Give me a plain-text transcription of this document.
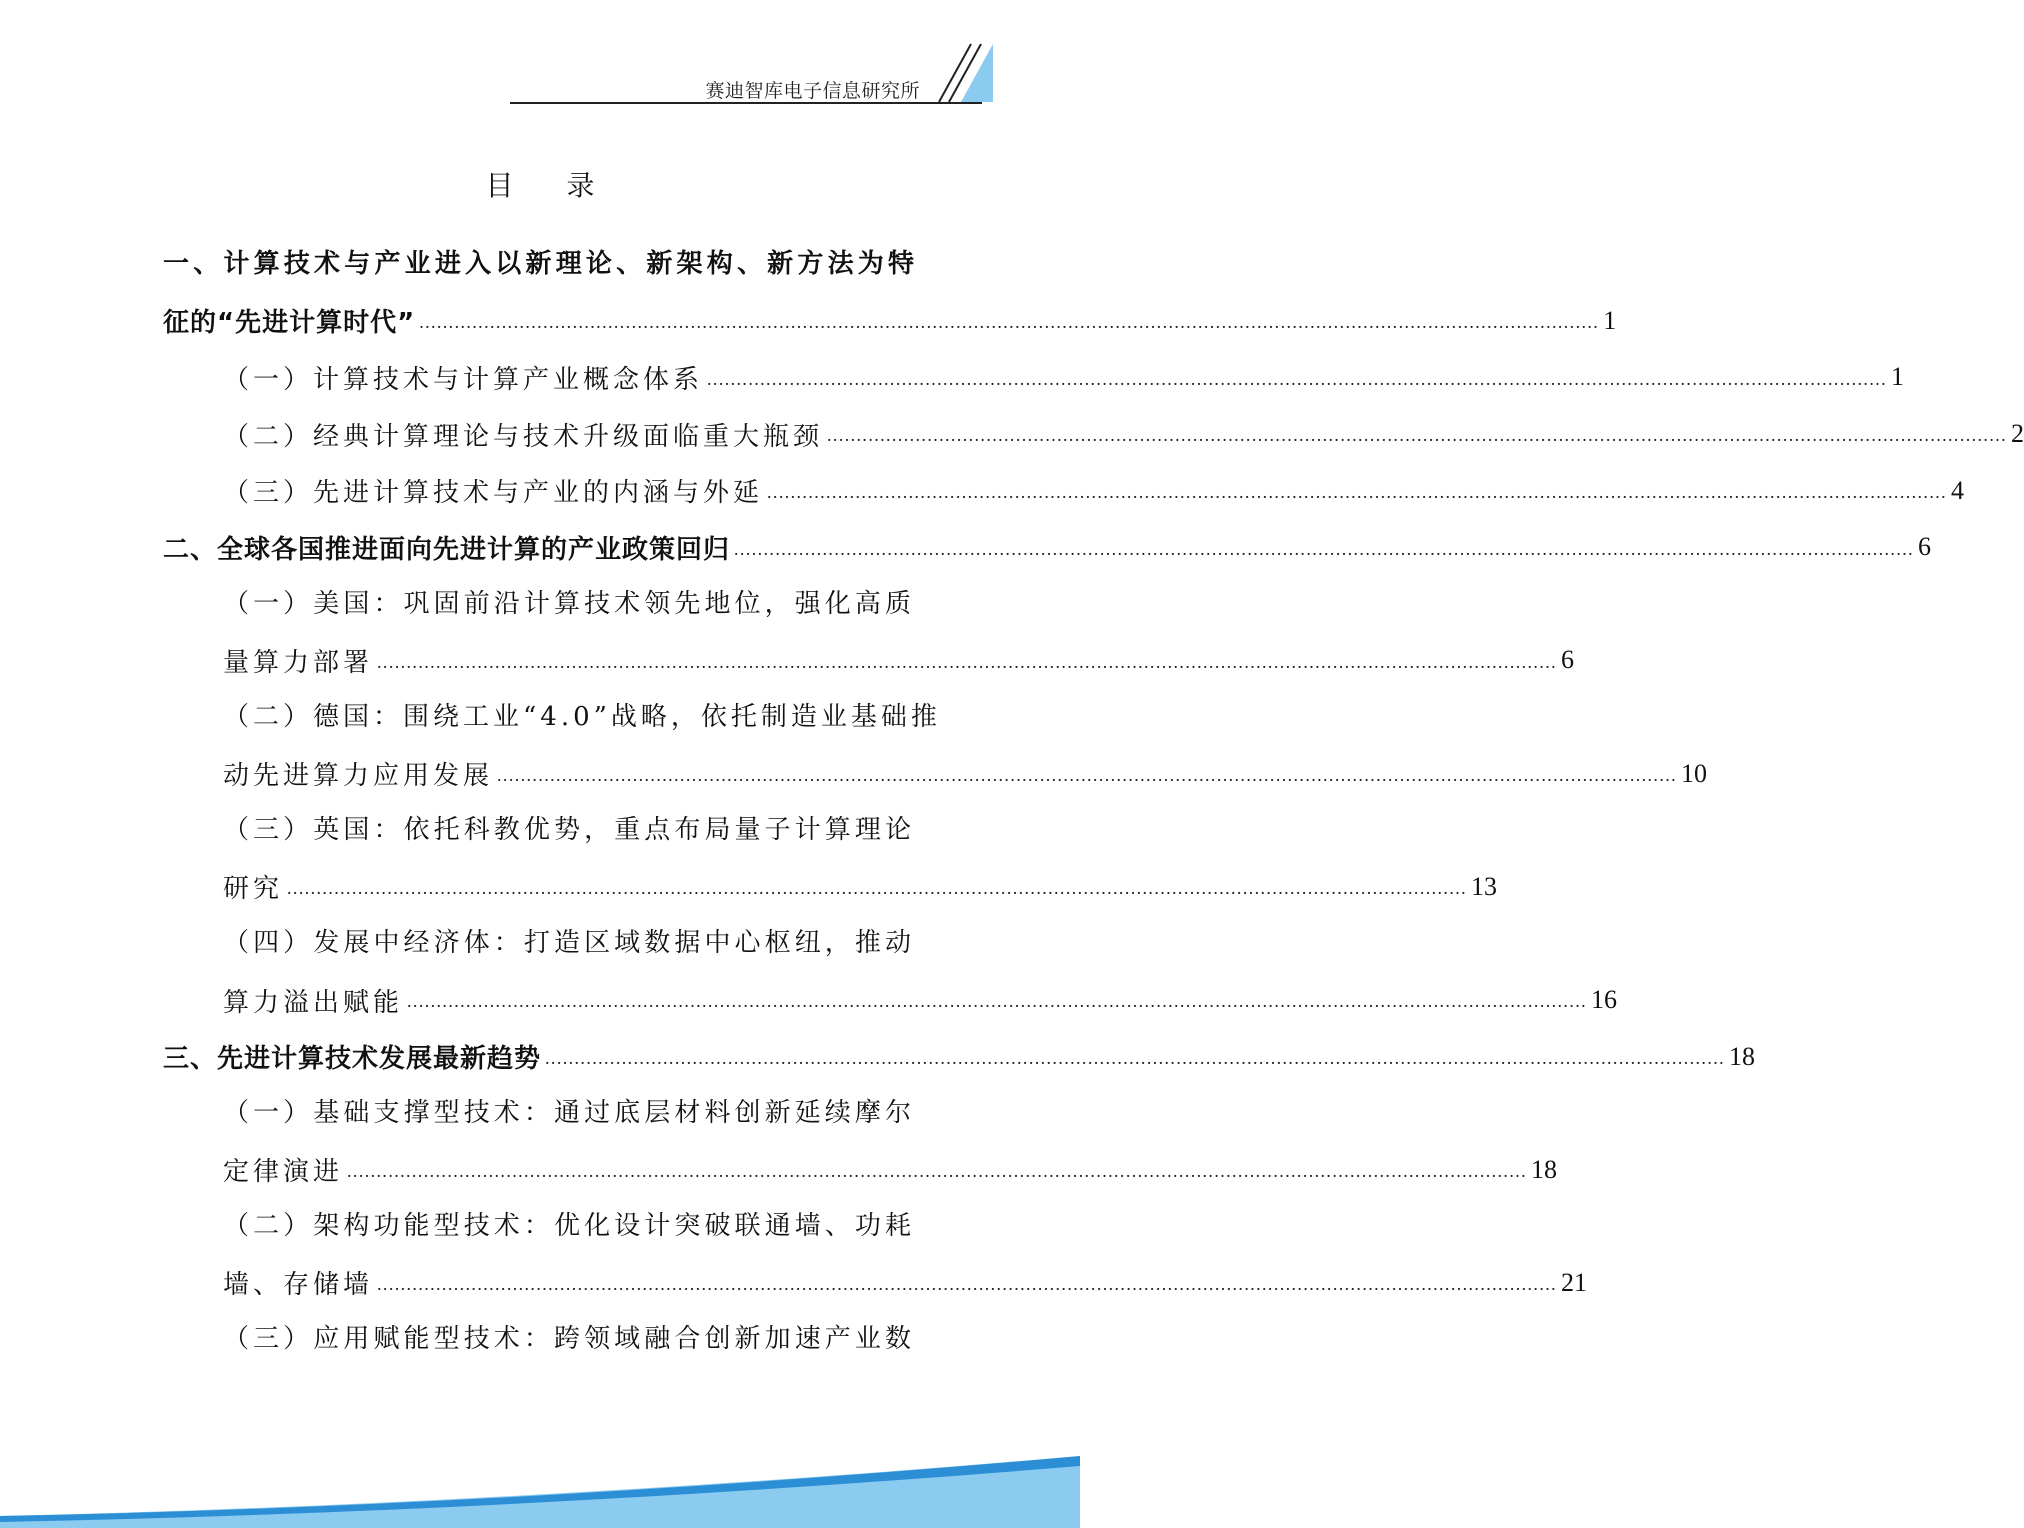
赛迪智库电子信息研究所
目 录
一、计算技术与产业进入以新理论、新架构、新方法为特
征的“先进计算时代” ........................................................................................................................................................................................................ 1
（一）计算技术与计算产业概念体系 ........................................................................................................................................................................................................ 1
（二）经典计算理论与技术升级面临重大瓶颈 ........................................................................................................................................................................................................ 2
（三）先进计算技术与产业的内涵与外延 ........................................................................................................................................................................................................ 4
二、全球各国推进面向先进计算的产业政策回归 ........................................................................................................................................................................................................ 6
（一）美国：巩固前沿计算技术领先地位，强化高质
量算力部署 ........................................................................................................................................................................................................ 6
（二）德国：围绕工业“4.0”战略，依托制造业基础推
动先进算力应用发展 ........................................................................................................................................................................................................ 10
（三）英国：依托科教优势，重点布局量子计算理论
研究 ........................................................................................................................................................................................................ 13
（四）发展中经济体：打造区域数据中心枢纽，推动
算力溢出赋能 ........................................................................................................................................................................................................ 16
三、先进计算技术发展最新趋势 ........................................................................................................................................................................................................ 18
（一）基础支撑型技术：通过底层材料创新延续摩尔
定律演进 ........................................................................................................................................................................................................ 18
（二）架构功能型技术：优化设计突破联通墙、功耗
墙、存储墙 ........................................................................................................................................................................................................ 21
（三）应用赋能型技术：跨领域融合创新加速产业数
